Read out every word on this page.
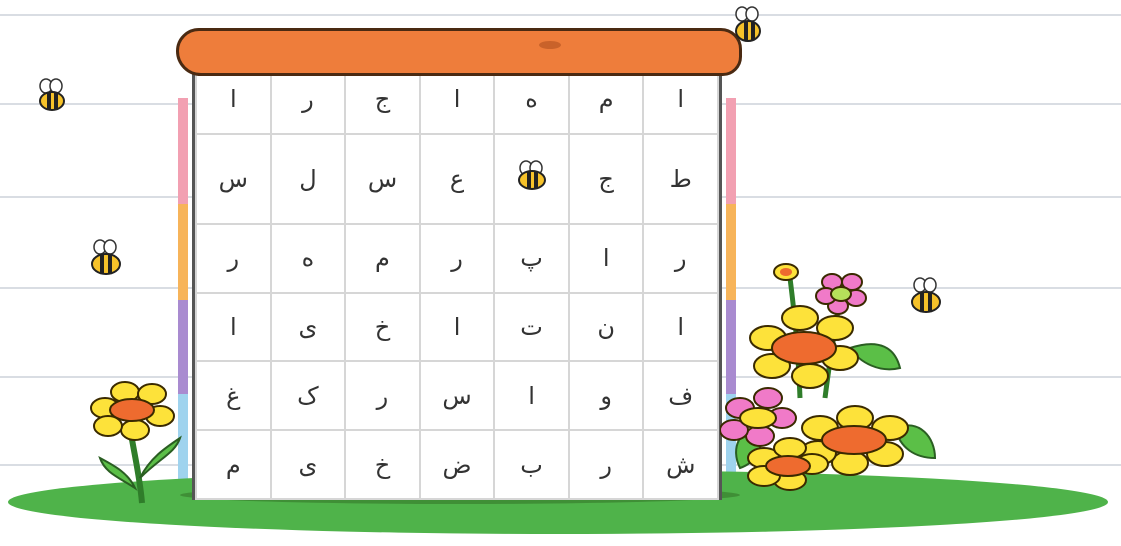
ا	م	ه	ا	ج	ر	ا
ط	ج		ع	س	ل	س
ر	ا	پ	ر	م	ه	ر
ا	ن	ت	ا	خ	ی	ا
ف	و	ا	س	ر	ک	غ
ش	ر	ب	ض	خ	ی	م
